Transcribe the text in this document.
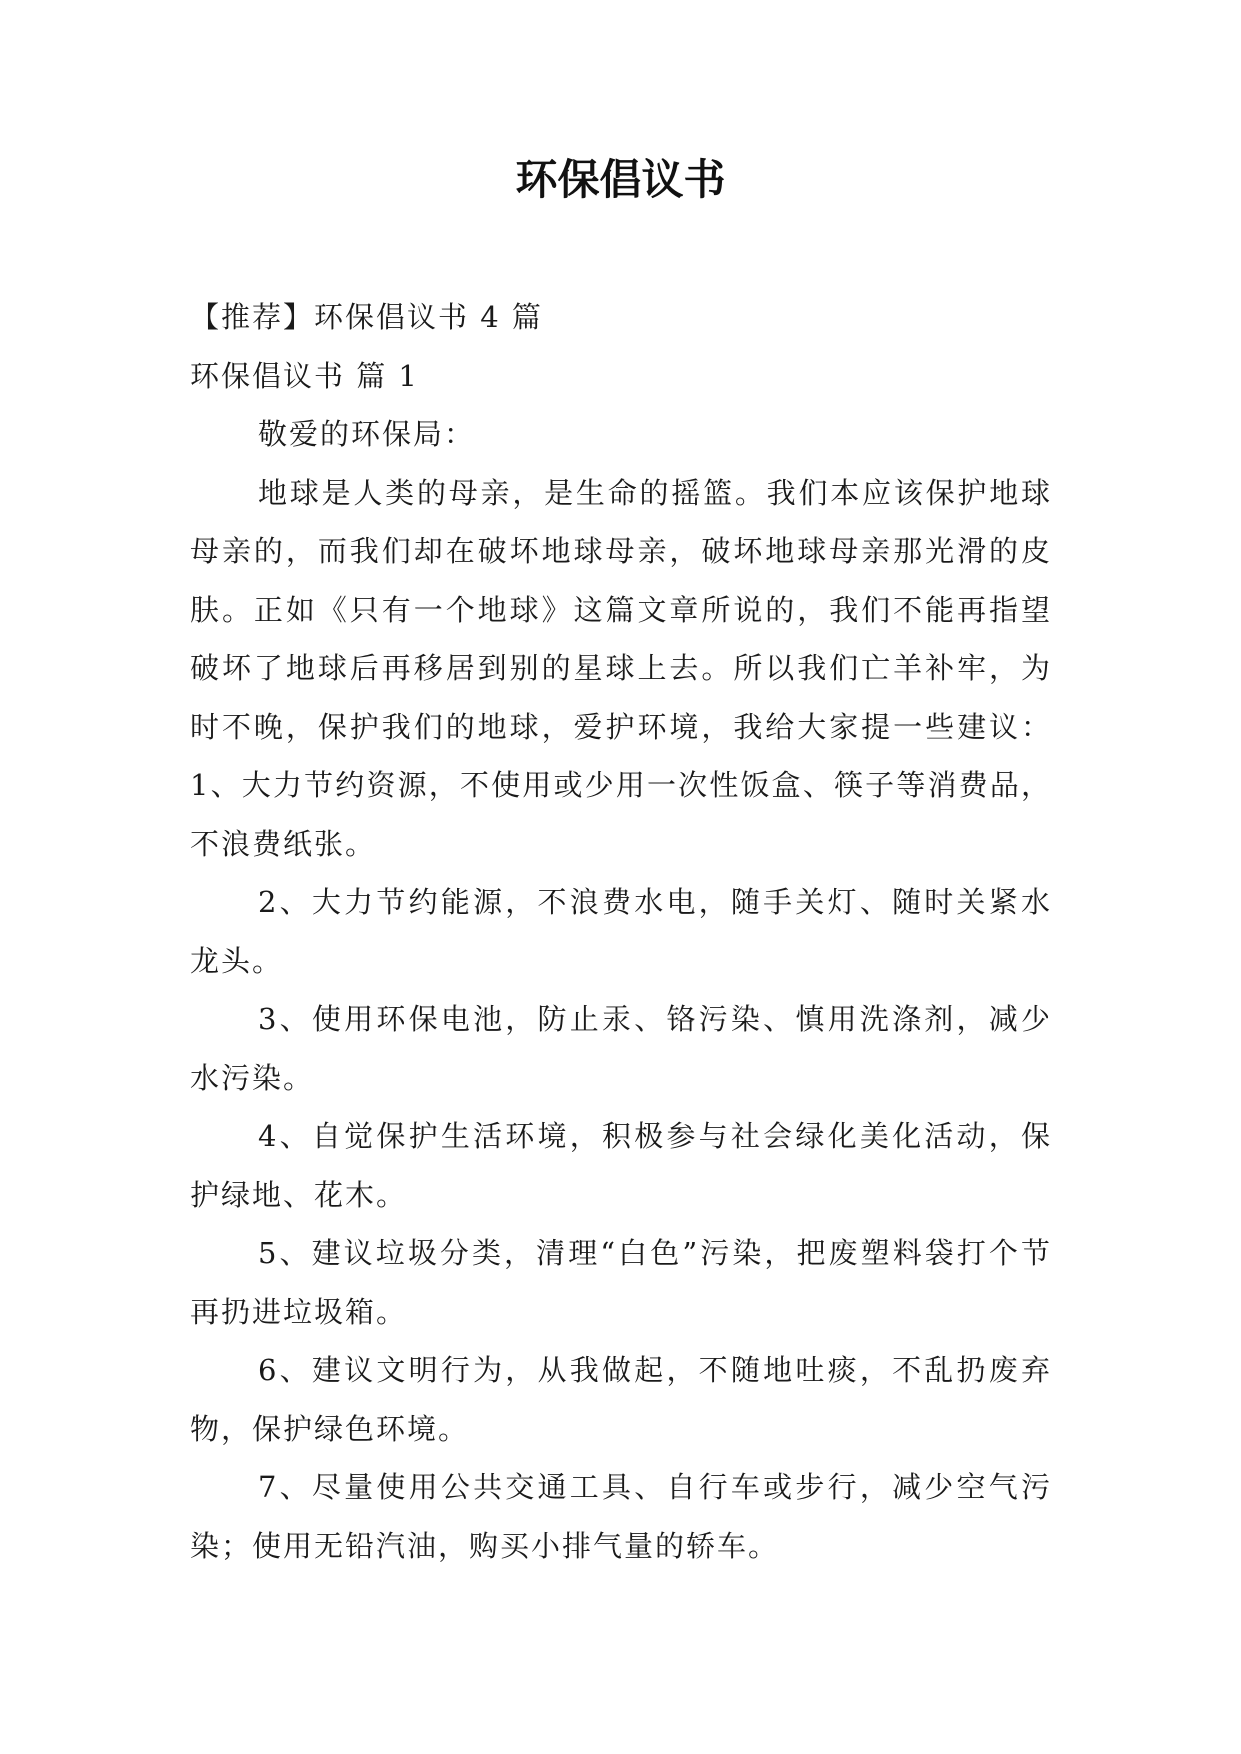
环保倡议书

【推荐】环保倡议书 4 篇

环保倡议书 篇 1

敬爱的环保局：

地球是人类的母亲，是生命的摇篮。我们本应该保护地球母亲的，而我们却在破坏地球母亲，破坏地球母亲那光滑的皮肤。正如《只有一个地球》这篇文章所说的，我们不能再指望破坏了地球后再移居到别的星球上去。所以我们亡羊补牢，为时不晚，保护我们的地球，爱护环境，我给大家提一些建议：1、大力节约资源，不使用或少用一次性饭盒、筷子等消费品，不浪费纸张。

2、大力节约能源，不浪费水电，随手关灯、随时关紧水龙头。

3、使用环保电池，防止汞、铬污染、慎用洗涤剂，减少水污染。

4、自觉保护生活环境，积极参与社会绿化美化活动，保护绿地、花木。

5、建议垃圾分类，清理“白色”污染，把废塑料袋打个节再扔进垃圾箱。

6、建议文明行为，从我做起，不随地吐痰，不乱扔废弃物，保护绿色环境。

7、尽量使用公共交通工具、自行车或步行，减少空气污染；使用无铅汽油，购买小排气量的轿车。
